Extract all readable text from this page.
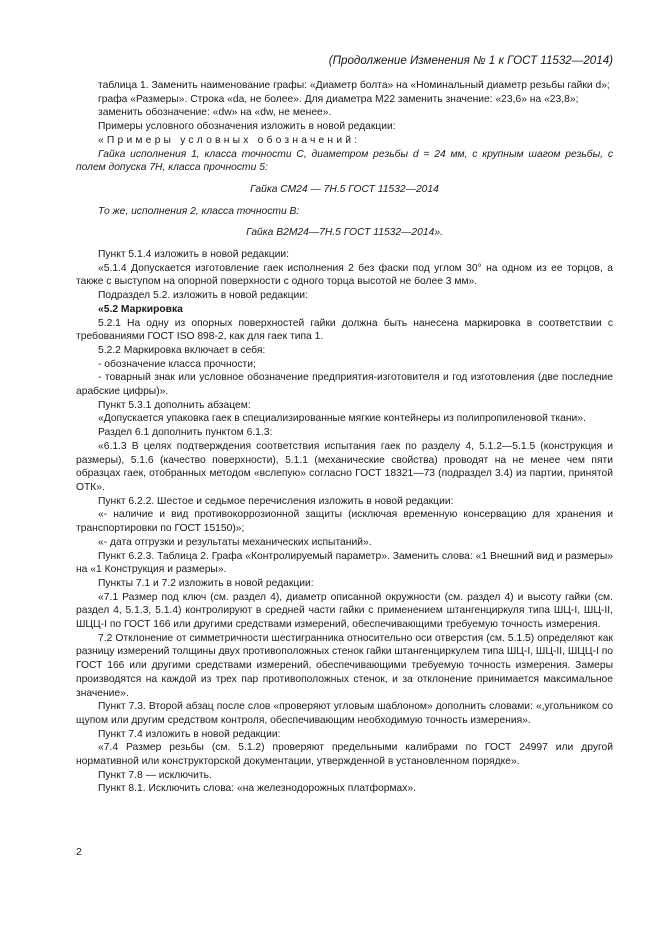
(Продолжение Изменения № 1 к ГОСТ 11532—2014)

таблица 1. Заменить наименование графы: «Диаметр болта» на «Номинальный диаметр резьбы гайки d»;

графа «Размеры». Строка «da, не более». Для диаметра М22 заменить значение: «23,6» на «23,8»;

заменить обозначение: «dw» на «dw, не менее».

Примеры условного обозначения изложить в новой редакции:

«Примеры условных обозначений:

Гайка исполнения 1, класса точности С, диаметром резьбы d = 24 мм, с крупным шагом резьбы, с полем допуска 7Н, класса прочности 5:

Гайка СМ24 — 7Н.5 ГОСТ 11532—2014

То же, исполнения 2, класса точности В:

Гайка В2М24—7Н.5 ГОСТ 11532—2014».

Пункт 5.1.4 изложить в новой редакции:

«5.1.4 Допускается изготовление гаек исполнения 2 без фаски под углом 30° на одном из ее торцов, а также с выступом на опорной поверхности с одного торца высотой не более 3 мм».

Подраздел 5.2. изложить в новой редакции:

«5.2 Маркировка

5.2.1 На одну из опорных поверхностей гайки должна быть нанесена маркировка в соответствии с требованиями ГОСТ ISO 898-2, как для гаек типа 1.

5.2.2 Маркировка включает в себя:

- обозначение класса прочности;

- товарный знак или условное обозначение предприятия-изготовителя и год изготовления (две последние арабские цифры)».

Пункт 5.3.1 дополнить абзацем:

«Допускается упаковка гаек в специализированные мягкие контейнеры из полипропиленовой ткани».

Раздел 6.1 дополнить пунктом 6.1.3:

«6.1.3 В целях подтверждения соответствия испытания гаек по разделу 4, 5.1.2—5.1.5 (конструкция и размеры), 5.1.6 (качество поверхности), 5.1.1 (механические свойства) проводят на не менее чем пяти образцах гаек, отобранных методом «вслепую» согласно ГОСТ 18321—73 (подраздел 3.4) из партии, принятой ОТК».

Пункт 6.2.2. Шестое и седьмое перечисления изложить в новой редакции:

«- наличие и вид противокоррозионной защиты (исключая временную консервацию для хранения и транспортировки по ГОСТ 15150)»;

«- дата отгрузки и результаты механических испытаний».

Пункт 6.2.3. Таблица 2. Графа «Контролируемый параметр». Заменить слова: «1 Внешний вид и размеры» на «1 Конструкция и размеры».

Пункты 7.1 и 7.2 изложить в новой редакции:

«7.1 Размер под ключ (см. раздел 4), диаметр описанной окружности (см. раздел 4) и высоту гайки (см. раздел 4, 5.1.3, 5.1.4) контролируют в средней части гайки с применением штангенциркуля типа ШЦ-I, ШЦ-II, ШЦЦ-I по ГОСТ 166 или другими средствами измерений, обеспечивающими требуемую точность измерения.

7.2 Отклонение от симметричности шестигранника относительно оси отверстия (см. 5.1.5) определяют как разницу измерений толщины двух противоположных стенок гайки штангенциркулем типа ШЦ-I, ШЦ-II, ШЦЦ-I по ГОСТ 166 или другими средствами измерений, обеспечивающими требуемую точность измерения. Замеры производятся на каждой из трех пар противоположных стенок, и за отклонение принимается максимальное значение».

Пункт 7.3. Второй абзац после слов «проверяют угловым шаблоном» дополнить словами: «,угольником со щупом или другим средством контроля, обеспечивающим необходимую точность измерения».

Пункт 7.4 изложить в новой редакции:

«7.4 Размер резьбы (см. 5.1.2) проверяют предельными калибрами по ГОСТ 24997 или другой нормативной или конструкторской документации, утвержденной в установленном порядке».

Пункт 7.8 — исключить.

Пункт 8.1. Исключить слова: «на железнодорожных платформах».

2
